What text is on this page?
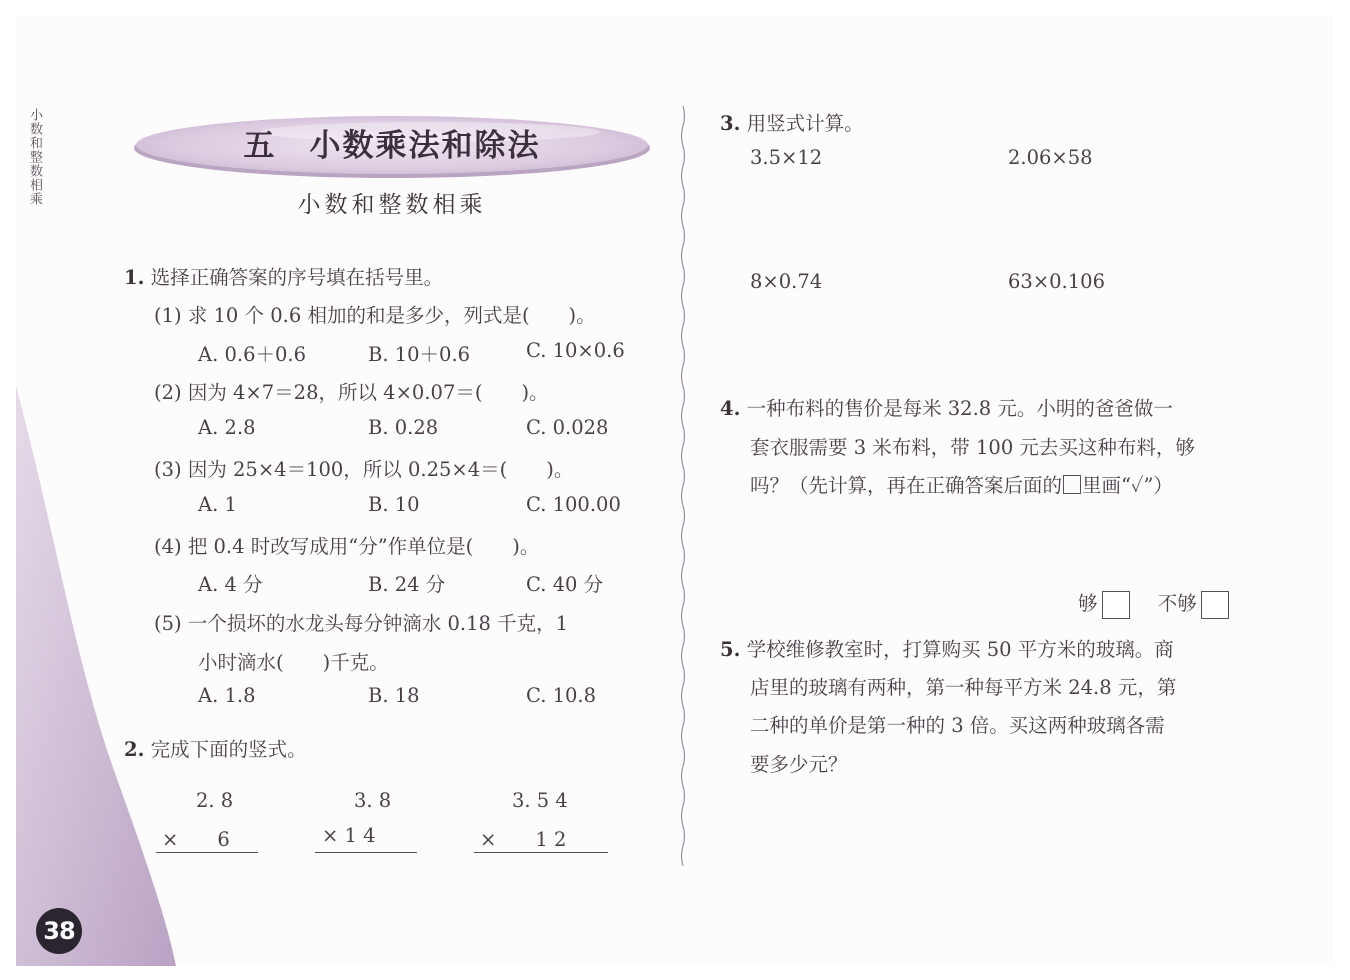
小数和整数相乘
38
五　小数乘法和除法
小数和整数相乘
1. 选择正确答案的序号填在括号里。
(1) 求 10 个 0.6 相加的和是多少，列式是(　　)。
A. 0.6＋0.6	B. 10＋0.6	C. 10×0.6
(2) 因为 4×7＝28，所以 4×0.07＝(　　)。
A. 2.8	B. 0.28	C. 0.028
(3) 因为 25×4＝100，所以 0.25×4＝(　　)。
A. 1	B. 10	C. 100.00
(4) 把 0.4 时改写成用“分”作单位是(　　)。
A. 4 分	B. 24 分	C. 40 分
(5) 一个损坏的水龙头每分钟滴水 0.18 千克，1
小时滴水(　　)千克。
A. 1.8	B. 18	C. 10.8
2. 完成下面的竖式。
2. 8
×　　6
3. 8
× 1 4
3. 5 4
×　　1 2
3. 用竖式计算。
3.5×12	2.06×58
8×0.74	63×0.106
4. 一种布料的售价是每米 32.8 元。小明的爸爸做一
套衣服需要 3 米布料，带 100 元去买这种布料，够
吗？（先计算，再在正确答案后面的 里画“✓”）
够	不够
5. 学校维修教室时，打算购买 50 平方米的玻璃。商
店里的玻璃有两种，第一种每平方米 24.8 元，第
二种的单价是第一种的 3 倍。买这两种玻璃各需
要多少元？
